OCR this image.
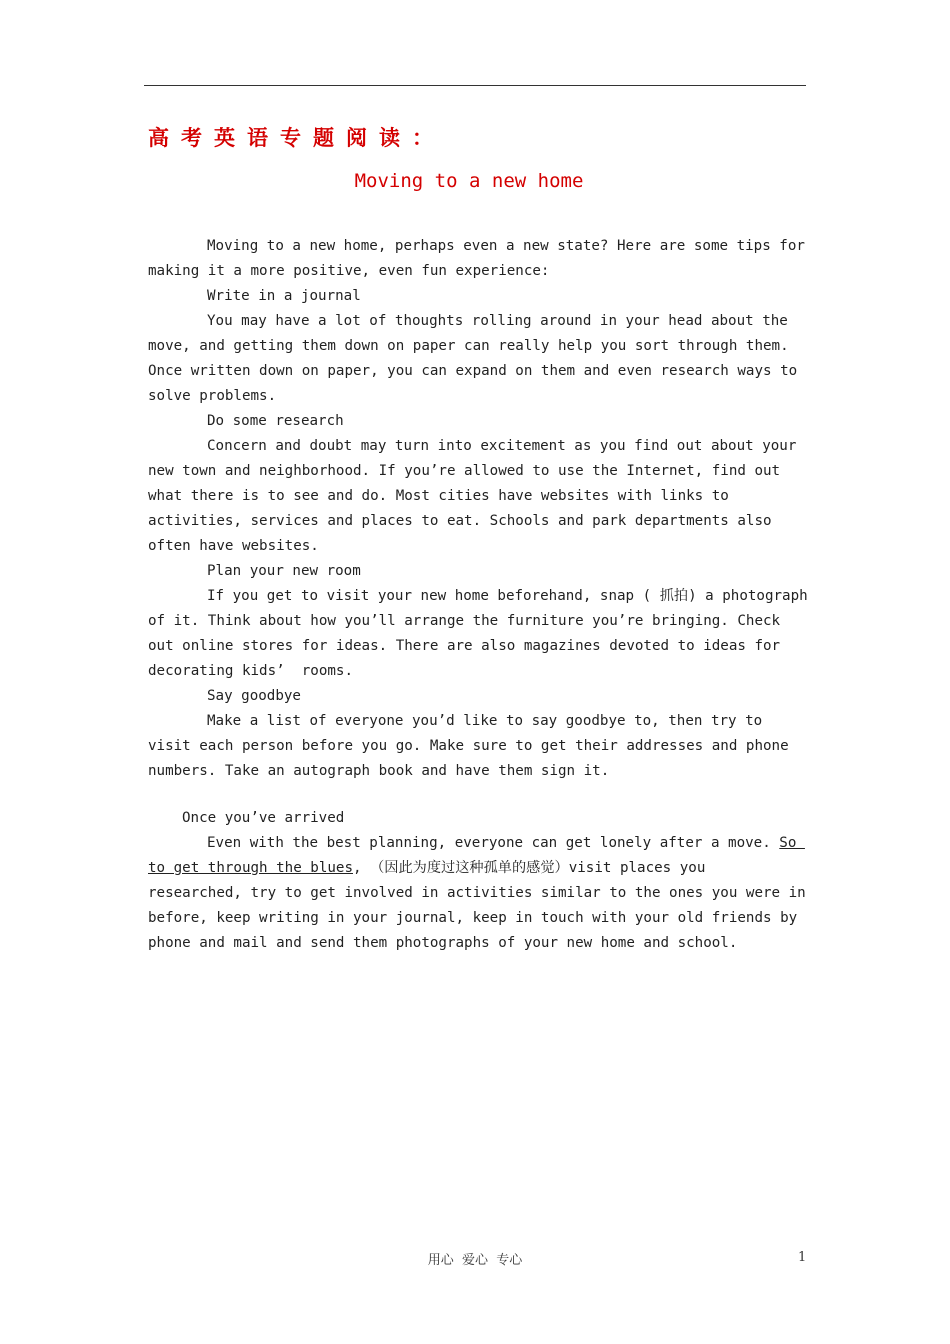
高考英语专题阅读：
Moving to a new home
Moving to a new home, perhaps even a new state? Here are some tips for
making it a more positive, even fun experience:
Write in a journal
You may have a lot of thoughts rolling around in your head about the
move, and getting them down on paper can really help you sort through them.
Once written down on paper, you can expand on them and even research ways to
solve problems.
Do some research
Concern and doubt may turn into excitement as you find out about your
new town and neighborhood. If you’re allowed to use the Internet, find out
what there is to see and do. Most cities have websites with links to
activities, services and places to eat. Schools and park departments also
often have websites.
Plan your new room
If you get to visit your new home beforehand, snap ( 抓拍) a photograph
of it. Think about how you’ll arrange the furniture you’re bringing. Check
out online stores for ideas. There are also magazines devoted to ideas for
decorating kids’  rooms.
Say goodbye
Make a list of everyone you’d like to say goodbye to, then try to
visit each person before you go. Make sure to get their addresses and phone
numbers. Take an autograph book and have them sign it.
Once you’ve arrived
Even with the best planning, everyone can get lonely after a move. So
to get through the blues, （因此为度过这种孤单的感觉）visit places you
researched, try to get involved in activities similar to the ones you were in
before, keep writing in your journal, keep in touch with your old friends by
phone and mail and send them photographs of your new home and school.
用心  爱心  专心	1
